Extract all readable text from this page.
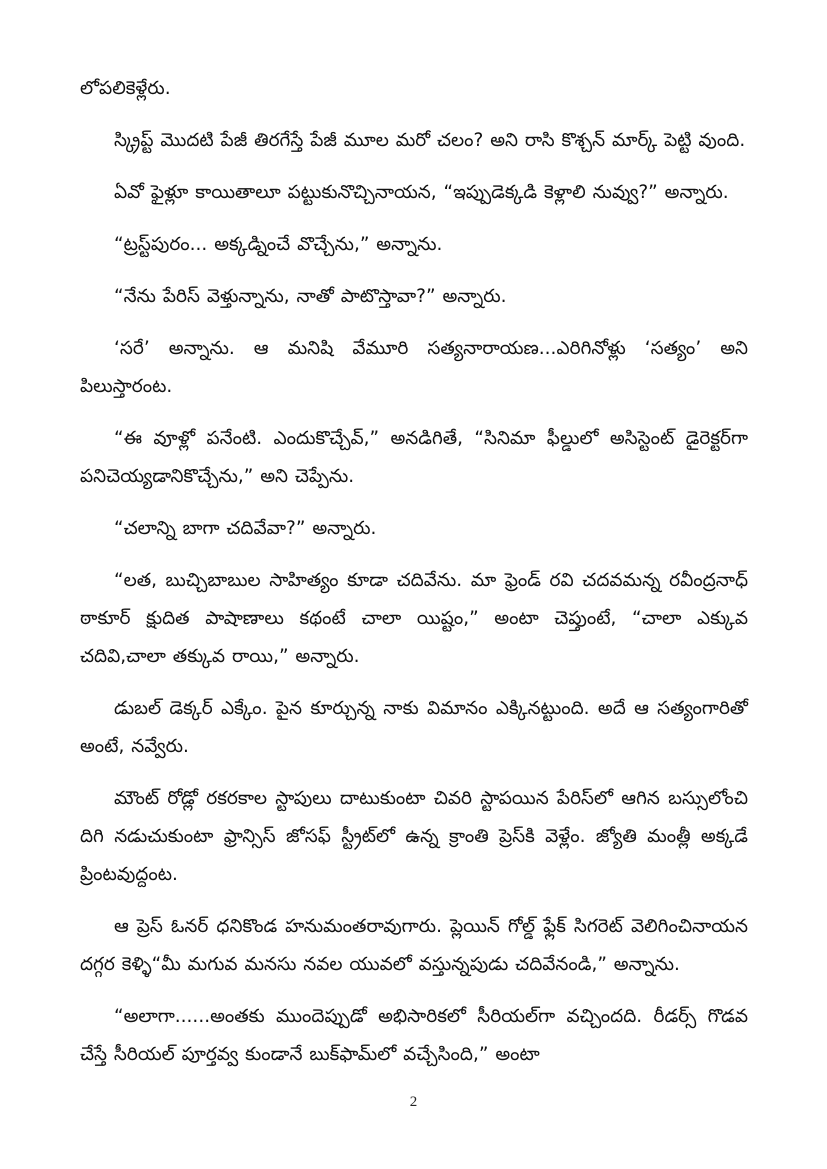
లోపలికెళ్లేరు.

స్క్రిప్ట్ మొదటి పేజీ తిరగేస్తే పేజీ మూల మరో చలం? అని రాసి కొశ్చన్ మార్క్ పెట్టి వుంది.

ఏవో ఫైళ్లూ కాయితాలూ పట్టుకునొచ్చినాయన, “ఇప్పుడెక్కడి కెళ్లాలి నువ్వు?” అన్నారు.

“ట్రస్ట్‌పురం... అక్కడ్నించే వొచ్చేను,” అన్నాను.

“నేను పేరిస్ వెళ్తున్నాను, నాతో పాటొస్తావా?” అన్నారు.

‘సరే’ అన్నాను. ఆ మనిషి వేమూరి సత్యనారాయణ...ఎరిగినోళ్లు ‘సత్యం’ అని పిలుస్తారంట.

“ఈ వూళ్లో పనేంటి. ఎందుకొచ్చేవ్,” అనడిగితే, “సినిమా ఫీల్డులో అసిస్టెంట్ డైరెక్టర్‌గా పనిచెయ్యడానికొచ్చేను,” అని చెప్పేను.

“చలాన్ని బాగా చదివేవా?” అన్నారు.

“లత, బుచ్చిబాబుల సాహిత్యం కూడా చదివేను. మా ఫ్రెండ్ రవి చదవమన్న రవీంద్రనాధ్ ఠాకూర్ క్షుదిత పాషాణాలు కథంటే చాలా యిష్టం,” అంటా చెప్తుంటే, “చాలా ఎక్కువ చదివి,చాలా తక్కువ రాయి,” అన్నారు.

డుబల్ డెక్కర్ ఎక్కేం. పైన కూర్చున్న నాకు విమానం ఎక్కినట్టుంది. అదే ఆ సత్యంగారితో అంటే, నవ్వేరు.

మౌంట్ రోడ్లో రకరకాల స్టాపులు దాటుకుంటా చివరి స్టాపయిన పేరిస్‌లో ఆగిన బస్సులోంచి దిగి నడుచుకుంటా ఫ్రాన్సిస్ జోసఫ్ స్ట్రీట్‌లో ఉన్న క్రాంతి ప్రెస్‌కి వెళ్లేం. జ్యోతి మంత్లీ అక్కడే ప్రింటవుద్దంట.

ఆ ప్రెస్ ఓనర్ ధనికొండ హనుమంతరావుగారు. ప్లెయిన్ గోల్డ్ ఫ్లేక్ సిగరెట్ వెలిగించినాయన దగ్గర కెళ్ళి“మీ మగువ మనసు నవల యువలో వస్తున్నపుడు చదివేనండి,” అన్నాను.

“అలాగా......అంతకు ముందెప్పుడో అభిసారికలో సీరియల్‌గా వచ్చిందది. రీడర్స్ గొడవ చేస్తే సీరియల్ పూర్తవ్వ కుండానే బుక్‌ఫామ్‌లో వచ్చేసింది,” అంటా

2
